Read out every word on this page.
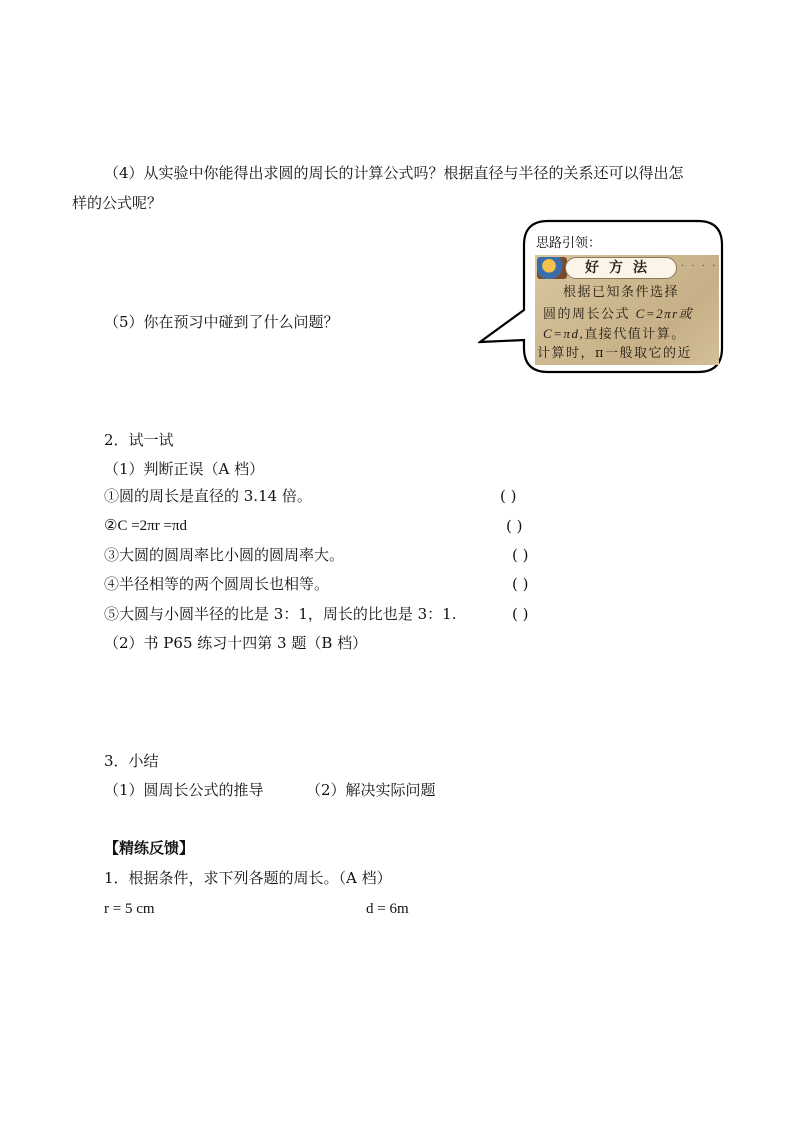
（4）从实验中你能得出求圆的周长的计算公式吗？根据直径与半径的关系还可以得出怎
样的公式呢？
思路引领：
好方法	· · · ·
根据已知条件选择
圆的周长公式 C=2πr或
C=πd,直接代值计算。
计算时，π一般取它的近
（5）你在预习中碰到了什么问题？
2．试一试
（1）判断正误（A 档）
①圆的周长是直径的 3.14 倍。	( )
②C =2πr =πd	( )
③大圆的圆周率比小圆的圆周率大。	( )
④半径相等的两个圆周长也相等。	( )
⑤大圆与小圆半径的比是 3：1，周长的比也是 3：1.	( )
（2）书 P65 练习十四第 3 题（B 档）
3．小结
（1）圆周长公式的推导	（2）解决实际问题
【精练反馈】
1．根据条件，求下列各题的周长。（A 档）
r = 5 cm	d = 6m
